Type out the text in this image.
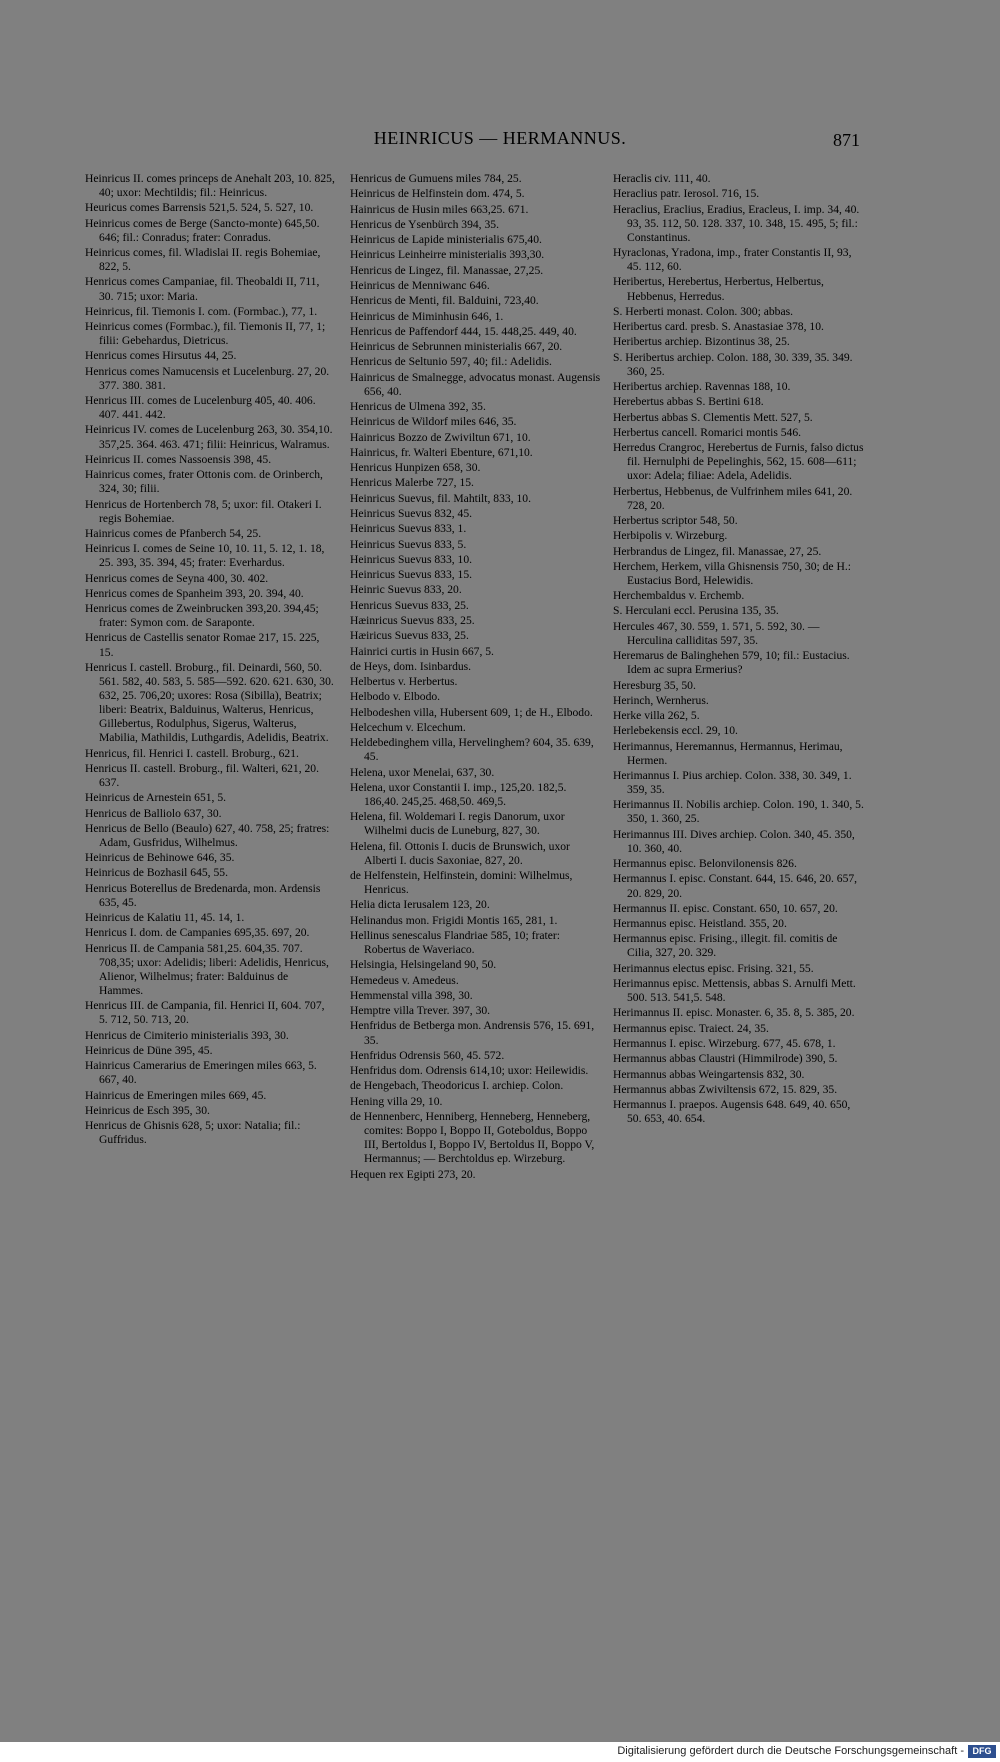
HEINRICUS — HERMANNUS.	871
Heinricus II. comes princeps de Anehalt 203, 10. 825, 40; uxor: Mechtildis; fil.: Heinricus.
Heuricus comes Barrensis 521,5. 524, 5. 527, 10.
Heinricus comes de Berge (Sancto-monte) 645,50. 646; fil.: Conradus; frater: Conradus.
Heinricus comes, fil. Wladislai II. regis Bohemiae, 822, 5.
Henricus comes Campaniae, fil. Theobaldi II, 711, 30. 715; uxor: Maria.
Heinricus, fil. Tiemonis I. com. (Formbac.), 77, 1.
Heinricus comes (Formbac.), fil. Tiemonis II, 77, 1; filii: Gebehardus, Dietricus.
Henricus comes Hirsutus 44, 25.
Henricus comes Namucensis et Lucelenburg. 27, 20. 377. 380. 381.
Henricus III. comes de Lucelenburg 405, 40. 406. 407. 441. 442.
Heinricus IV. comes de Lucelenburg 263, 30. 354,10. 357,25. 364. 463. 471; filii: Heinricus, Walramus.
Heinricus II. comes Nassoensis 398, 45.
Hainricus comes, frater Ottonis com. de Orinberch, 324, 30; filii.
Henricus de Hortenberch 78, 5; uxor: fil. Otakeri I. regis Bohemiae.
Hainricus comes de Pfanberch 54, 25.
Heinricus I. comes de Seine 10, 10. 11, 5. 12, 1. 18, 25. 393, 35. 394, 45; frater: Everhardus.
Henricus comes de Seyna 400, 30. 402.
Henricus comes de Spanheim 393, 20. 394, 40.
Henricus comes de Zweinbrucken 393,20. 394,45; frater: Symon com. de Saraponte.
Henricus de Castellis senator Romae 217, 15. 225, 15.
Henricus I. castell. Broburg., fil. Deinardi, 560, 50. 561. 582, 40. 583, 5. 585—592. 620. 621. 630, 30. 632, 25. 706,20; uxores: Rosa (Sibilla), Beatrix; liberi: Beatrix, Balduinus, Walterus, Henricus, Gillebertus, Rodulphus, Sigerus, Walterus, Mabilia, Mathildis, Luthgardis, Adelidis, Beatrix.
Henricus, fil. Henrici I. castell. Broburg., 621.
Henricus II. castell. Broburg., fil. Walteri, 621, 20. 637.
Heinricus de Arnestein 651, 5.
Henricus de Balliolo 637, 30.
Henricus de Bello (Beaulo) 627, 40. 758, 25; fratres: Adam, Gusfridus, Wilhelmus.
Heinricus de Behinowe 646, 35.
Heinricus de Bozhasil 645, 55.
Henricus Boterellus de Bredenarda, mon. Ardensis 635, 45.
Heinricus de Kalatiu 11, 45. 14, 1.
Henricus I. dom. de Campanies 695,35. 697, 20.
Henricus II. de Campania 581,25. 604,35. 707. 708,35; uxor: Adelidis; liberi: Adelidis, Henricus, Alienor, Wilhelmus; frater: Balduinus de Hammes.
Henricus III. de Campania, fil. Henrici II, 604. 707, 5. 712, 50. 713, 20.
Henricus de Cimiterio ministerialis 393, 30.
Heinricus de Düne 395, 45.
Hainricus Camerarius de Emeringen miles 663, 5. 667, 40.
Hainricus de Emeringen miles 669, 45.
Heinricus de Esch 395, 30.
Henricus de Ghisnis 628, 5; uxor: Natalia; fil.: Guffridus.
Henricus de Gumuens miles 784, 25.
Heinricus de Helfinstein dom. 474, 5.
Hainricus de Husin miles 663,25. 671.
Henricus de Ysenbürch 394, 35.
Heinricus de Lapide ministerialis 675,40.
Heinricus Leinheirre ministerialis 393,30.
Henricus de Lingez, fil. Manassae, 27,25.
Heinricus de Menniwanc 646.
Henricus de Menti, fil. Balduini, 723,40.
Heinricus de Miminhusin 646, 1.
Henricus de Paffendorf 444, 15. 448,25. 449, 40.
Heinricus de Sebrunnen ministerialis 667, 20.
Henricus de Seltunio 597, 40; fil.: Adelidis.
Hainricus de Smalnegge, advocatus monast. Augensis 656, 40.
Henricus de Ulmena 392, 35.
Heinricus de Wildorf miles 646, 35.
Hainricus Bozzo de Zwiviltun 671, 10.
Hainricus, fr. Walteri Ebenture, 671,10.
Henricus Hunpizen 658, 30.
Henricus Malerbe 727, 15.
Heinricus Suevus, fil. Mahtilt, 833, 10.
Heinricus Suevus 832, 45.
Heinricus Suevus 833, 1.
Heinricus Suevus 833, 5.
Heinricus Suevus 833, 10.
Heinricus Suevus 833, 15.
Heinric Suevus 833, 20.
Henricus Suevus 833, 25.
Hæinricus Suevus 833, 25.
Hæiricus Suevus 833, 25.
Hainrici curtis in Husin 667, 5.
de Heys, dom. Isinbardus.
Helbertus v. Herbertus.
Helbodo v. Elbodo.
Helbodeshen villa, Hubersent 609, 1; de H., Elbodo.
Helcechum v. Elcechum.
Heldebedinghem villa, Hervelinghem? 604, 35. 639, 45.
Helena, uxor Menelai, 637, 30.
Helena, uxor Constantii I. imp., 125,20. 182,5. 186,40. 245,25. 468,50. 469,5.
Helena, fil. Woldemari I. regis Danorum, uxor Wilhelmi ducis de Luneburg, 827, 30.
Helena, fil. Ottonis I. ducis de Brunswich, uxor Alberti I. ducis Saxoniae, 827, 20.
de Helfenstein, Helfinstein, domini: Wilhelmus, Henricus.
Helia dicta Ierusalem 123, 20.
Helinandus mon. Frigidi Montis 165, 281, 1.
Hellinus senescalus Flandriae 585, 10; frater: Robertus de Waveriaco.
Helsingia, Helsingeland 90, 50.
Hemedeus v. Amedeus.
Hemmenstal villa 398, 30.
Hemptre villa Trever. 397, 30.
Henfridus de Betberga mon. Andrensis 576, 15. 691, 35.
Henfridus Odrensis 560, 45. 572.
Henfridus dom. Odrensis 614,10; uxor: Heilewidis.
de Hengebach, Theodoricus I. archiep. Colon.
Hening villa 29, 10.
de Hennenberc, Henniberg, Henneberg, Henneberg, comites: Boppo I, Boppo II, Goteboldus, Boppo III, Bertoldus I, Boppo IV, Bertoldus II, Boppo V, Hermannus; — Berchtoldus ep. Wirzeburg.
Hequen rex Egipti 273, 20.
Heraclis civ. 111, 40.
Heraclius patr. Ierosol. 716, 15.
Heraclius, Eraclius, Eradius, Eracleus, I. imp. 34, 40. 93, 35. 112, 50. 128. 337, 10. 348, 15. 495, 5; fil.: Constantinus.
Hyraclonas, Yradona, imp., frater Constantis II, 93, 45. 112, 60.
Heribertus, Herebertus, Herbertus, Helbertus, Hebbenus, Herredus.
S. Herberti monast. Colon. 300; abbas.
Heribertus card. presb. S. Anastasiae 378, 10.
Heribertus archiep. Bizontinus 38, 25.
S. Heribertus archiep. Colon. 188, 30. 339, 35. 349. 360, 25.
Heribertus archiep. Ravennas 188, 10.
Herebertus abbas S. Bertini 618.
Herbertus abbas S. Clementis Mett. 527, 5.
Herbertus cancell. Romarici montis 546.
Herredus Crangroc, Herebertus de Furnis, falso dictus fil. Hernulphi de Pepelinghis, 562, 15. 608—611; uxor: Adela; filiae: Adela, Adelidis.
Herbertus, Hebbenus, de Vulfrinhem miles 641, 20. 728, 20.
Herbertus scriptor 548, 50.
Herbipolis v. Wirzeburg.
Herbrandus de Lingez, fil. Manassae, 27, 25.
Herchem, Herkem, villa Ghisnensis 750, 30; de H.: Eustacius Bord, Helewidis.
Herchembaldus v. Erchemb.
S. Herculani eccl. Perusina 135, 35.
Hercules 467, 30. 559, 1. 571, 5. 592, 30. — Herculina calliditas 597, 35.
Heremarus de Balinghehen 579, 10; fil.: Eustacius. Idem ac supra Ermerius?
Heresburg 35, 50.
Herinch, Wernherus.
Herke villa 262, 5.
Herlebekensis eccl. 29, 10.
Herimannus, Heremannus, Hermannus, Herimau, Hermen.
Herimannus I. Pius archiep. Colon. 338, 30. 349, 1. 359, 35.
Herimannus II. Nobilis archiep. Colon. 190, 1. 340, 5. 350, 1. 360, 25.
Herimannus III. Dives archiep. Colon. 340, 45. 350, 10. 360, 40.
Hermannus episc. Belonvilonensis 826.
Hermannus I. episc. Constant. 644, 15. 646, 20. 657, 20. 829, 20.
Hermannus II. episc. Constant. 650, 10. 657, 20.
Hermannus episc. Heistland. 355, 20.
Hermannus episc. Frising., illegit. fil. comitis de Cilia, 327, 20. 329.
Herimannus electus episc. Frising. 321, 55.
Herimannus episc. Mettensis, abbas S. Arnulfi Mett. 500. 513. 541,5. 548.
Herimannus II. episc. Monaster. 6, 35. 8, 5. 385, 20.
Hermannus episc. Traiect. 24, 35.
Hermannus I. episc. Wirzeburg. 677, 45. 678, 1.
Hermannus abbas Claustri (Himmilrode) 390, 5.
Hermannus abbas Weingartensis 832, 30.
Hermannus abbas Zwiviltensis 672, 15. 829, 35.
Hermannus I. praepos. Augensis 648. 649, 40. 650, 50. 653, 40. 654.
Digitalisierung gefördert durch die Deutsche Forschungsgemeinschaft - DFG
